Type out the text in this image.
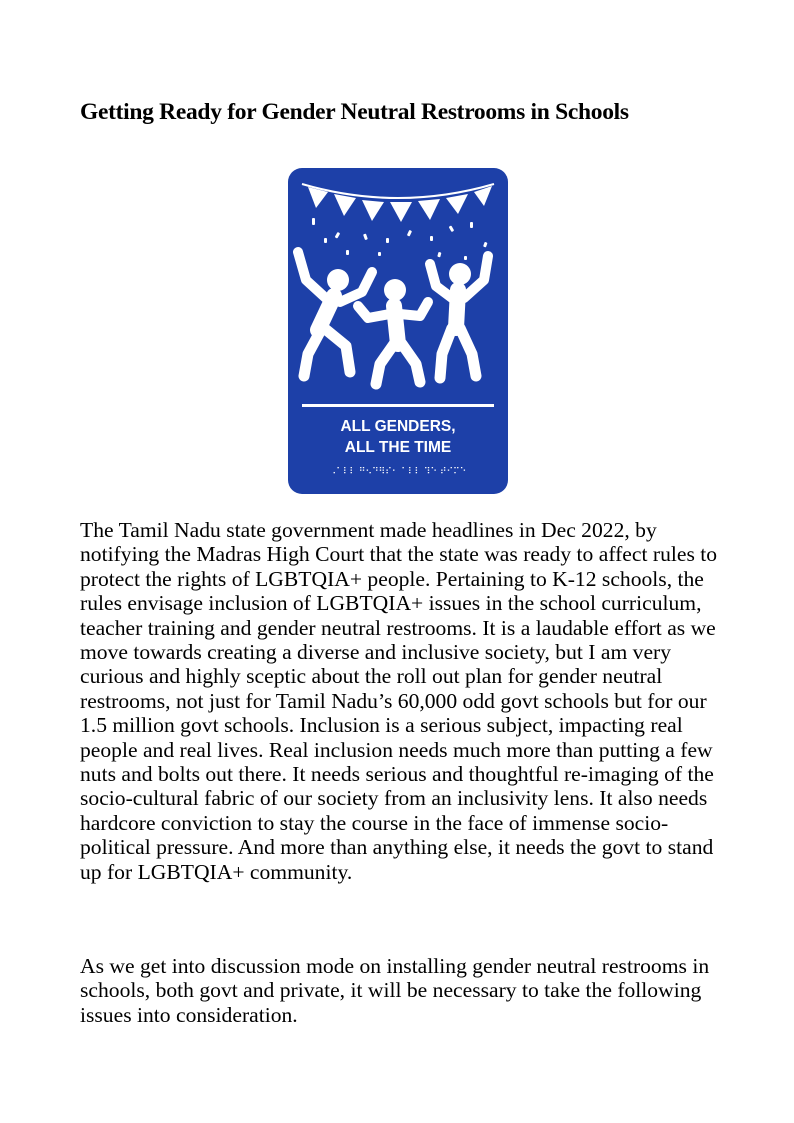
Getting Ready for Gender Neutral Restrooms in Schools
ALL GENDERS,
ALL THE TIME
⠠⠁⠇⠇ ⠛⠢⠙⠻⠎⠂ ⠁⠇⠇ ⠹⠑ ⠞⠊⠍⠑

The Tamil Nadu state government made headlines in Dec 2022, by notifying the Madras High Court that the state was ready to affect rules to protect the rights of LGBTQIA+ people. Pertaining to K-12 schools, the rules envisage inclusion of LGBTQIA+ issues in the school curriculum, teacher training and gender neutral restrooms. It is a laudable effort as we move towards creating a diverse and inclusive society, but I am very curious and highly sceptic about the roll out plan for gender neutral restrooms, not just for Tamil Nadu’s 60,000 odd govt schools but for our 1.5 million govt schools. Inclusion is a serious subject, impacting real people and real lives. Real inclusion needs much more than putting a few nuts and bolts out there. It needs serious and thoughtful re-imaging of the socio-cultural fabric of our society from an inclusivity lens. It also needs hardcore conviction to stay the course in the face of immense socio-political pressure. And more than anything else, it needs the govt to stand up for LGBTQIA+ community.

As we get into discussion mode on installing gender neutral restrooms in schools, both govt and private, it will be necessary to take the following issues into consideration.
